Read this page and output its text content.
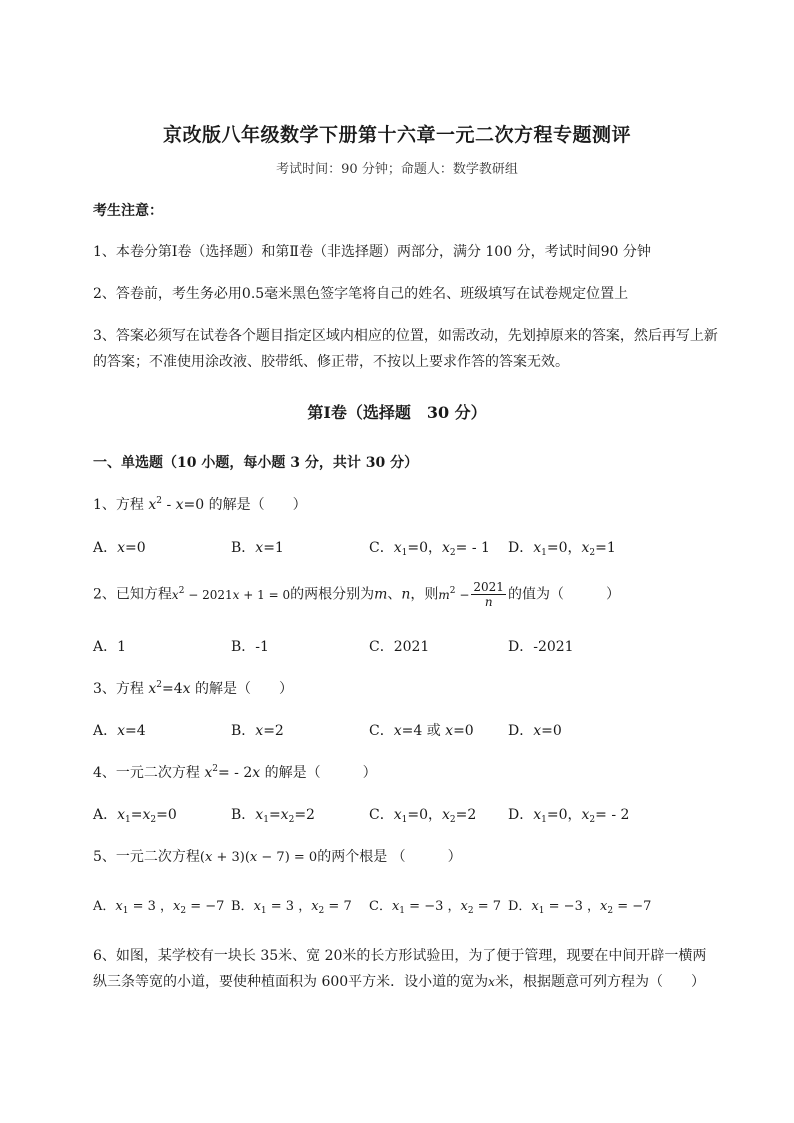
京改版八年级数学下册第十六章一元二次方程专题测评
考试时间：90 分钟；命题人：数学教研组
考生注意：
1、本卷分第Ⅰ卷（选择题）和第Ⅱ卷（非选择题）两部分，满分 100 分，考试时间90 分钟
2、答卷前，考生务必用0.5毫米黑色签字笔将自己的姓名、班级填写在试卷规定位置上
3、答案必须写在试卷各个题目指定区域内相应的位置，如需改动，先划掉原来的答案，然后再写上新
的答案；不准使用涂改液、胶带纸、修正带，不按以上要求作答的答案无效。
第Ⅰ卷（选择题　30 分）
一、单选题（10 小题，每小题 3 分，共计 30 分）
1、方程 $x^2 - x=0$ 的解是（　　）
A．x=0	B．x=1	C．$x_1=0$，$x_2= - 1$ D．$x_1=0$，$x_2=1$
2、已知方程$x^2 - 2021x + 1 = 0$的两根分别为m、n，则$m^2 - \frac{2021}{n}$ 的值为（　　　）
A．1	B．-1	C．2021	D．-2021
3、方程 $x^2=4x$ 的解是（　　）
A．x=4	B．x=2	C．x=4 或 x=0 D．x=0
4、一元二次方程 $x^2= - 2x$ 的解是（　　　）
A．$x_1=x_2=0$	B．$x_1=x_2=2$	C．$x_1=0$，$x_2=2$ D．$x_1=0$，$x_2= - 2$
5、一元二次方程(x + 3)(x − 7) = 0的两个根是 （　　　）
A．$x_1 = 3$ ，$x_2 = -7$ B．$x_1 = 3$ ，$x_2 = 7$ C．$x_1 = -3$ ，$x_2 = 7$ D．$x_1 = -3$ ，$x_2 = -7$
6、如图，某学校有一块长 35米、宽 20米的长方形试验田，为了便于管理，现要在中间开辟一横两
纵三条等宽的小道，要使种植面积为 600平方米．设小道的宽为x米，根据题意可列方程为（　　）
